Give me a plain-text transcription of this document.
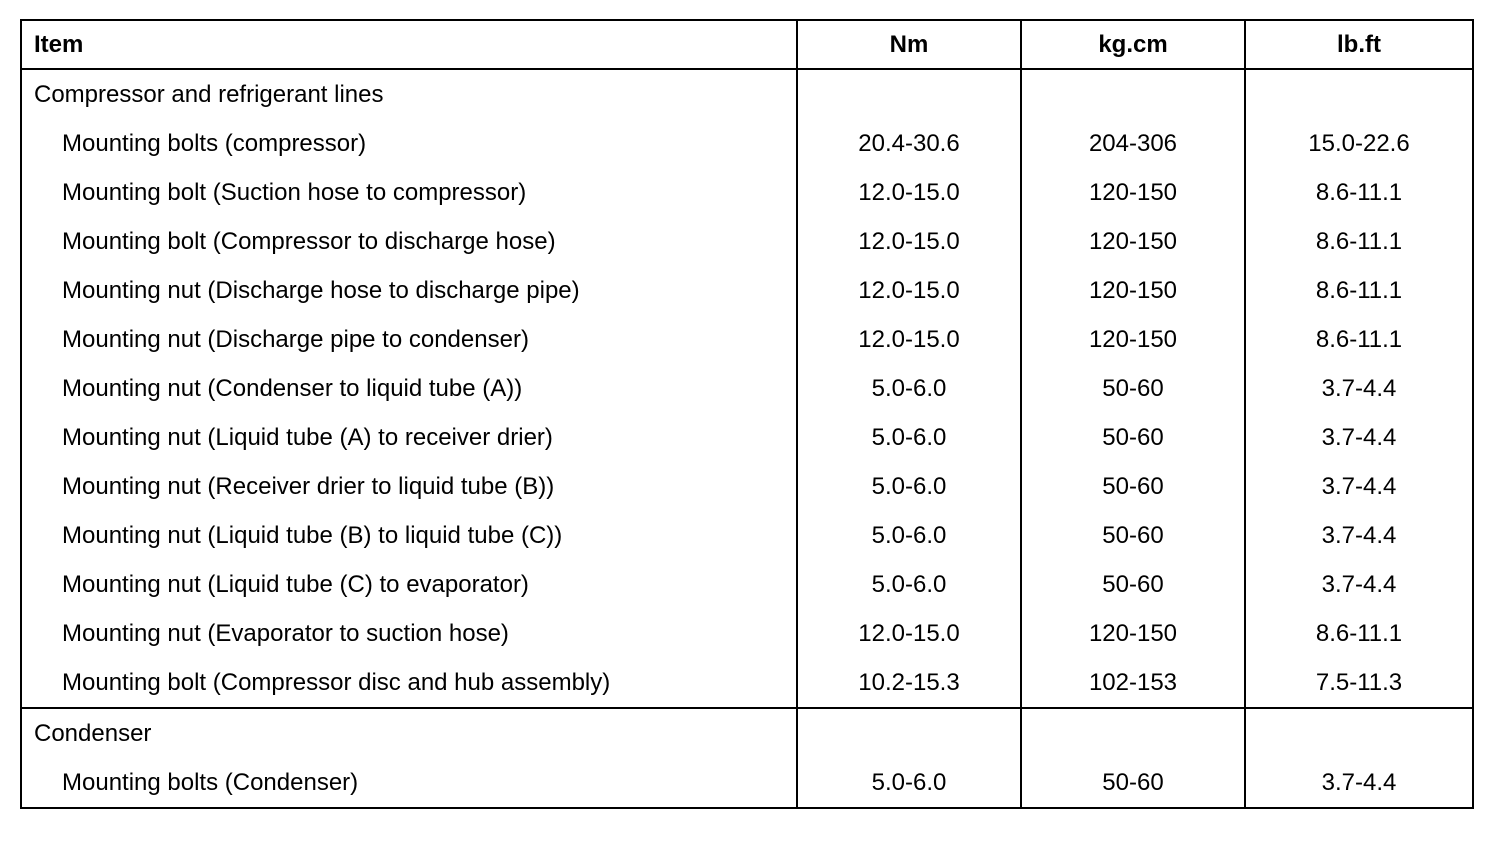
Item	Nm	kg.cm	lb.ft
Compressor and refrigerant lines			
Mounting bolts (compressor)	20.4-30.6	204-306	15.0-22.6
Mounting bolt (Suction hose to compressor)	12.0-15.0	120-150	8.6-11.1
Mounting bolt (Compressor to discharge hose)	12.0-15.0	120-150	8.6-11.1
Mounting nut (Discharge hose to discharge pipe)	12.0-15.0	120-150	8.6-11.1
Mounting nut (Discharge pipe to condenser)	12.0-15.0	120-150	8.6-11.1
Mounting nut (Condenser to liquid tube (A))	5.0-6.0	50-60	3.7-4.4
Mounting nut (Liquid tube (A) to receiver drier)	5.0-6.0	50-60	3.7-4.4
Mounting nut (Receiver drier to liquid tube (B))	5.0-6.0	50-60	3.7-4.4
Mounting nut (Liquid tube (B) to liquid tube (C))	5.0-6.0	50-60	3.7-4.4
Mounting nut (Liquid tube (C) to evaporator)	5.0-6.0	50-60	3.7-4.4
Mounting nut (Evaporator to suction hose)	12.0-15.0	120-150	8.6-11.1
Mounting bolt (Compressor disc and hub assembly)	10.2-15.3	102-153	7.5-11.3
Condenser			
Mounting bolts (Condenser)	5.0-6.0	50-60	3.7-4.4
